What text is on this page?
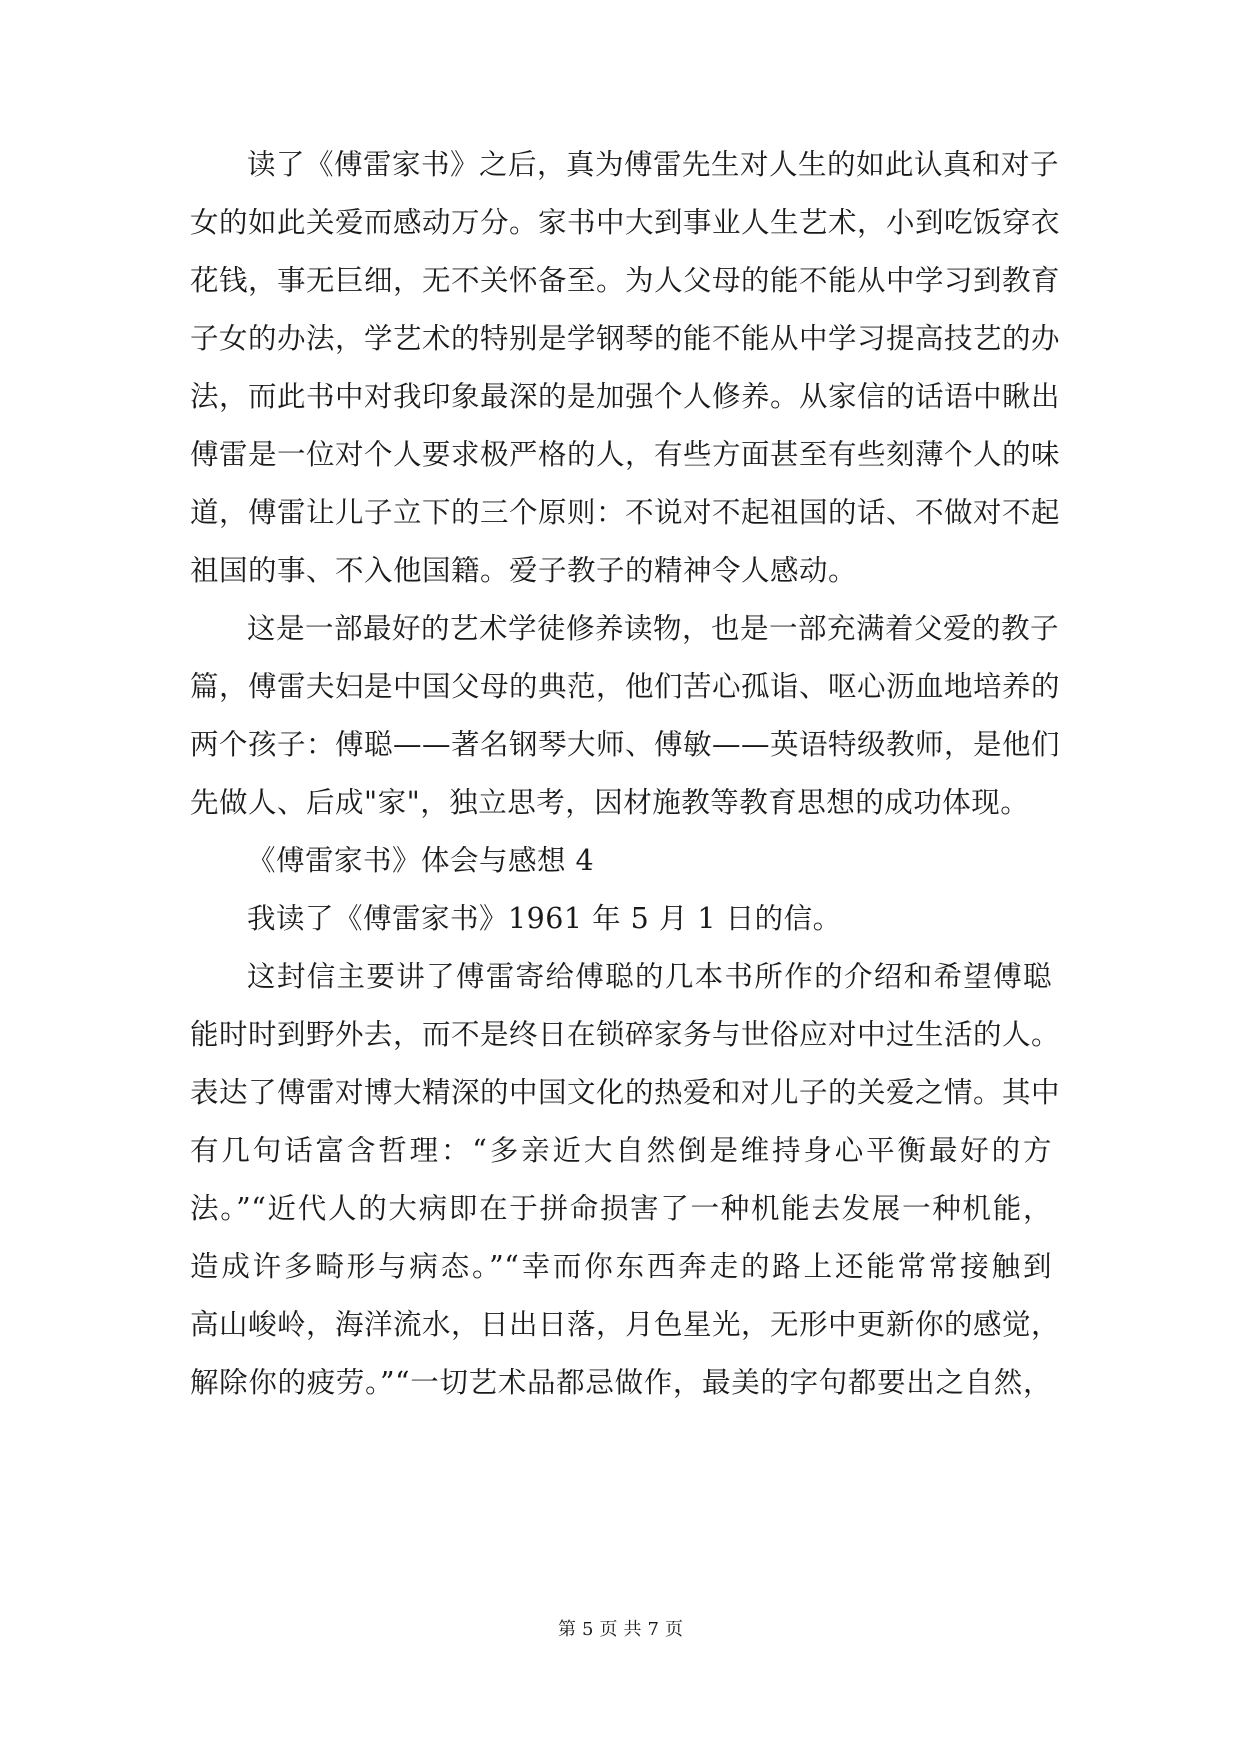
读了《傅雷家书》之后，真为傅雷先生对人生的如此认真和对子
女的如此关爱而感动万分。家书中大到事业人生艺术，小到吃饭穿衣
花钱，事无巨细，无不关怀备至。为人父母的能不能从中学习到教育
子女的办法，学艺术的特别是学钢琴的能不能从中学习提高技艺的办
法，而此书中对我印象最深的是加强个人修养。从家信的话语中瞅出
傅雷是一位对个人要求极严格的人，有些方面甚至有些刻薄个人的味
道，傅雷让儿子立下的三个原则：不说对不起祖国的话、不做对不起
祖国的事、不入他国籍。爱子教子的精神令人感动。
这是一部最好的艺术学徒修养读物，也是一部充满着父爱的教子
篇，傅雷夫妇是中国父母的典范，他们苦心孤诣、呕心沥血地培养的
两个孩子：傅聪——著名钢琴大师、傅敏——英语特级教师，是他们
先做人、后成"家"，独立思考，因材施教等教育思想的成功体现。
《傅雷家书》体会与感想 4
我读了《傅雷家书》1961 年 5 月 1 日的信。
这封信主要讲了傅雷寄给傅聪的几本书所作的介绍和希望傅聪
能时时到野外去，而不是终日在锁碎家务与世俗应对中过生活的人。
表达了傅雷对博大精深的中国文化的热爱和对儿子的关爱之情。其中
有几句话富含哲理：“多亲近大自然倒是维持身心平衡最好的方
法。”“近代人的大病即在于拼命损害了一种机能去发展一种机能，
造成许多畸形与病态。”“幸而你东西奔走的路上还能常常接触到
高山峻岭，海洋流水，日出日落，月色星光，无形中更新你的感觉，
解除你的疲劳。”“一切艺术品都忌做作，最美的字句都要出之自然，
第 5 页 共 7 页
